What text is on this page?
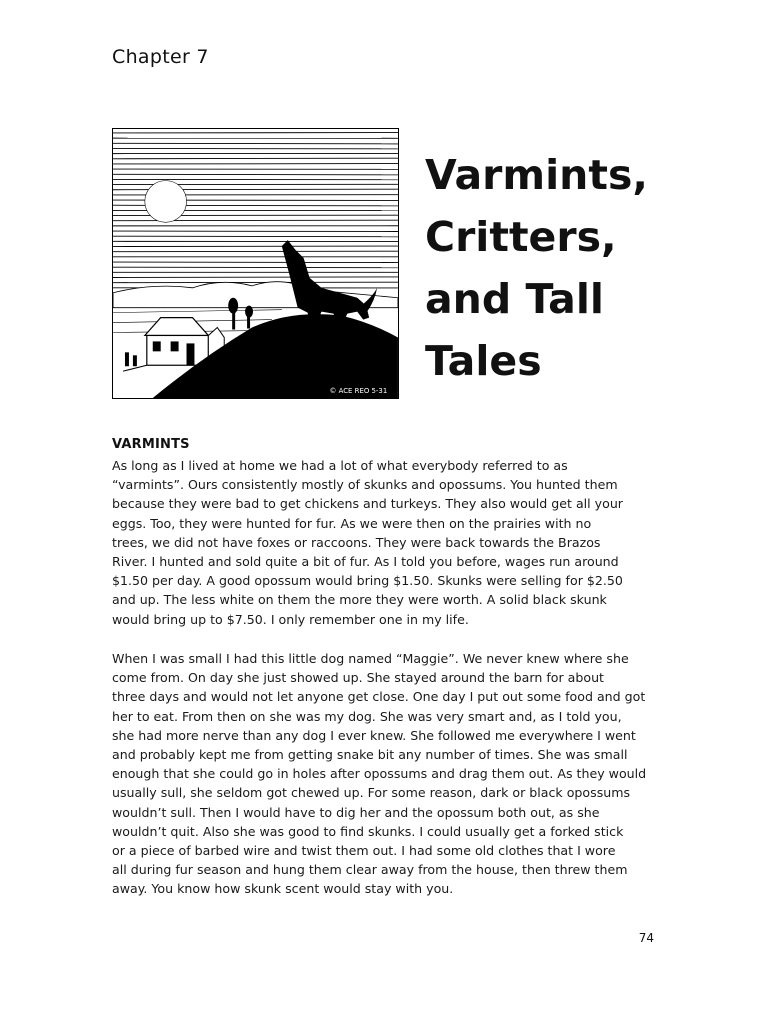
Chapter 7
© ACE REO 5-31
Varmints,
Critters,
and Tall
Tales
VARMINTS
As long as I lived at home we had a lot of what everybody referred to as
“varmints”. Ours consistently mostly of skunks and opossums. You hunted them
because they were bad to get chickens and turkeys. They also would get all your
eggs. Too, they were hunted for fur. As we were then on the prairies with no
trees, we did not have foxes or raccoons. They were back towards the Brazos
River. I hunted and sold quite a bit of fur. As I told you before, wages run around
$1.50 per day. A good opossum would bring $1.50. Skunks were selling for $2.50
and up. The less white on them the more they were worth. A solid black skunk
would bring up to $7.50. I only remember one in my life.
When I was small I had this little dog named “Maggie”. We never knew where she
come from. On day she just showed up. She stayed around the barn for about
three days and would not let anyone get close. One day I put out some food and got
her to eat. From then on she was my dog. She was very smart and, as I told you,
she had more nerve than any dog I ever knew. She followed me everywhere I went
and probably kept me from getting snake bit any number of times. She was small
enough that she could go in holes after opossums and drag them out. As they would
usually sull, she seldom got chewed up. For some reason, dark or black opossums
wouldn’t sull. Then I would have to dig her and the opossum both out, as she
wouldn’t quit. Also she was good to find skunks. I could usually get a forked stick
or a piece of barbed wire and twist them out. I had some old clothes that I wore
all during fur season and hung them clear away from the house, then threw them
away. You know how skunk scent would stay with you.
74
